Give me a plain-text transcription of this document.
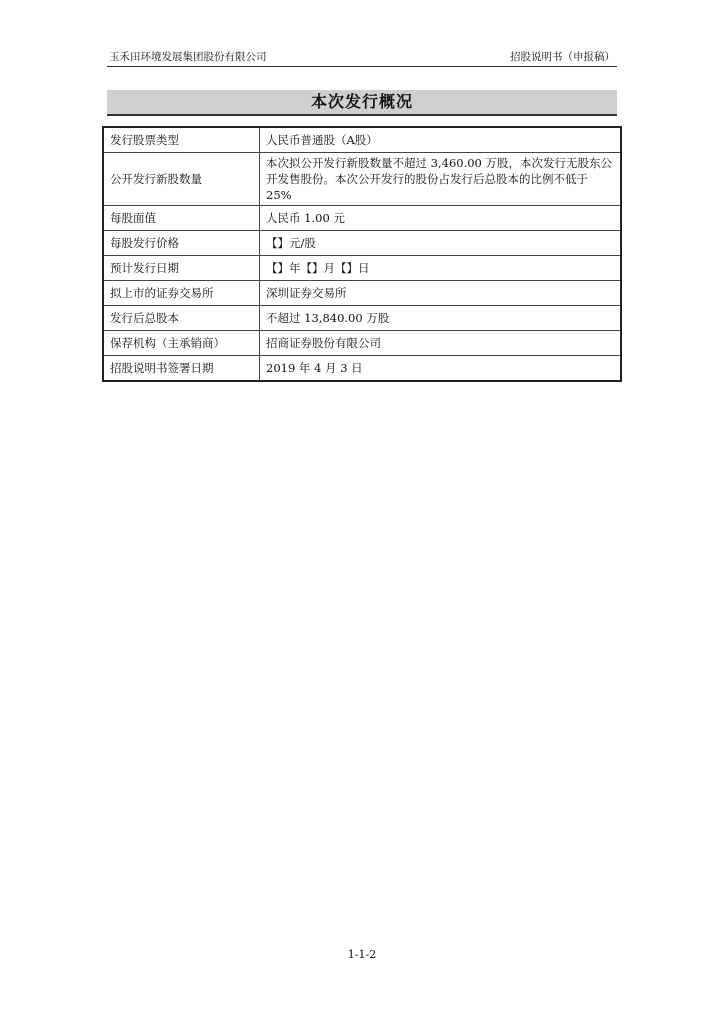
玉禾田环境发展集团股份有限公司	招股说明书（申报稿）
本次发行概况
发行股票类型	人民币普通股（A股）
公开发行新股数量	本次拟公开发行新股数量不超过 3,460.00 万股，本次发行无股东公开发售股份。本次公开发行的股份占发行后总股本的比例不低于 25%
每股面值	人民币 1.00 元
每股发行价格	【】元/股
预计发行日期	【】年【】月【】日
拟上市的证券交易所	深圳证券交易所
发行后总股本	不超过 13,840.00 万股
保荐机构（主承销商）	招商证券股份有限公司
招股说明书签署日期	2019 年 4 月 3 日
1-1-2
